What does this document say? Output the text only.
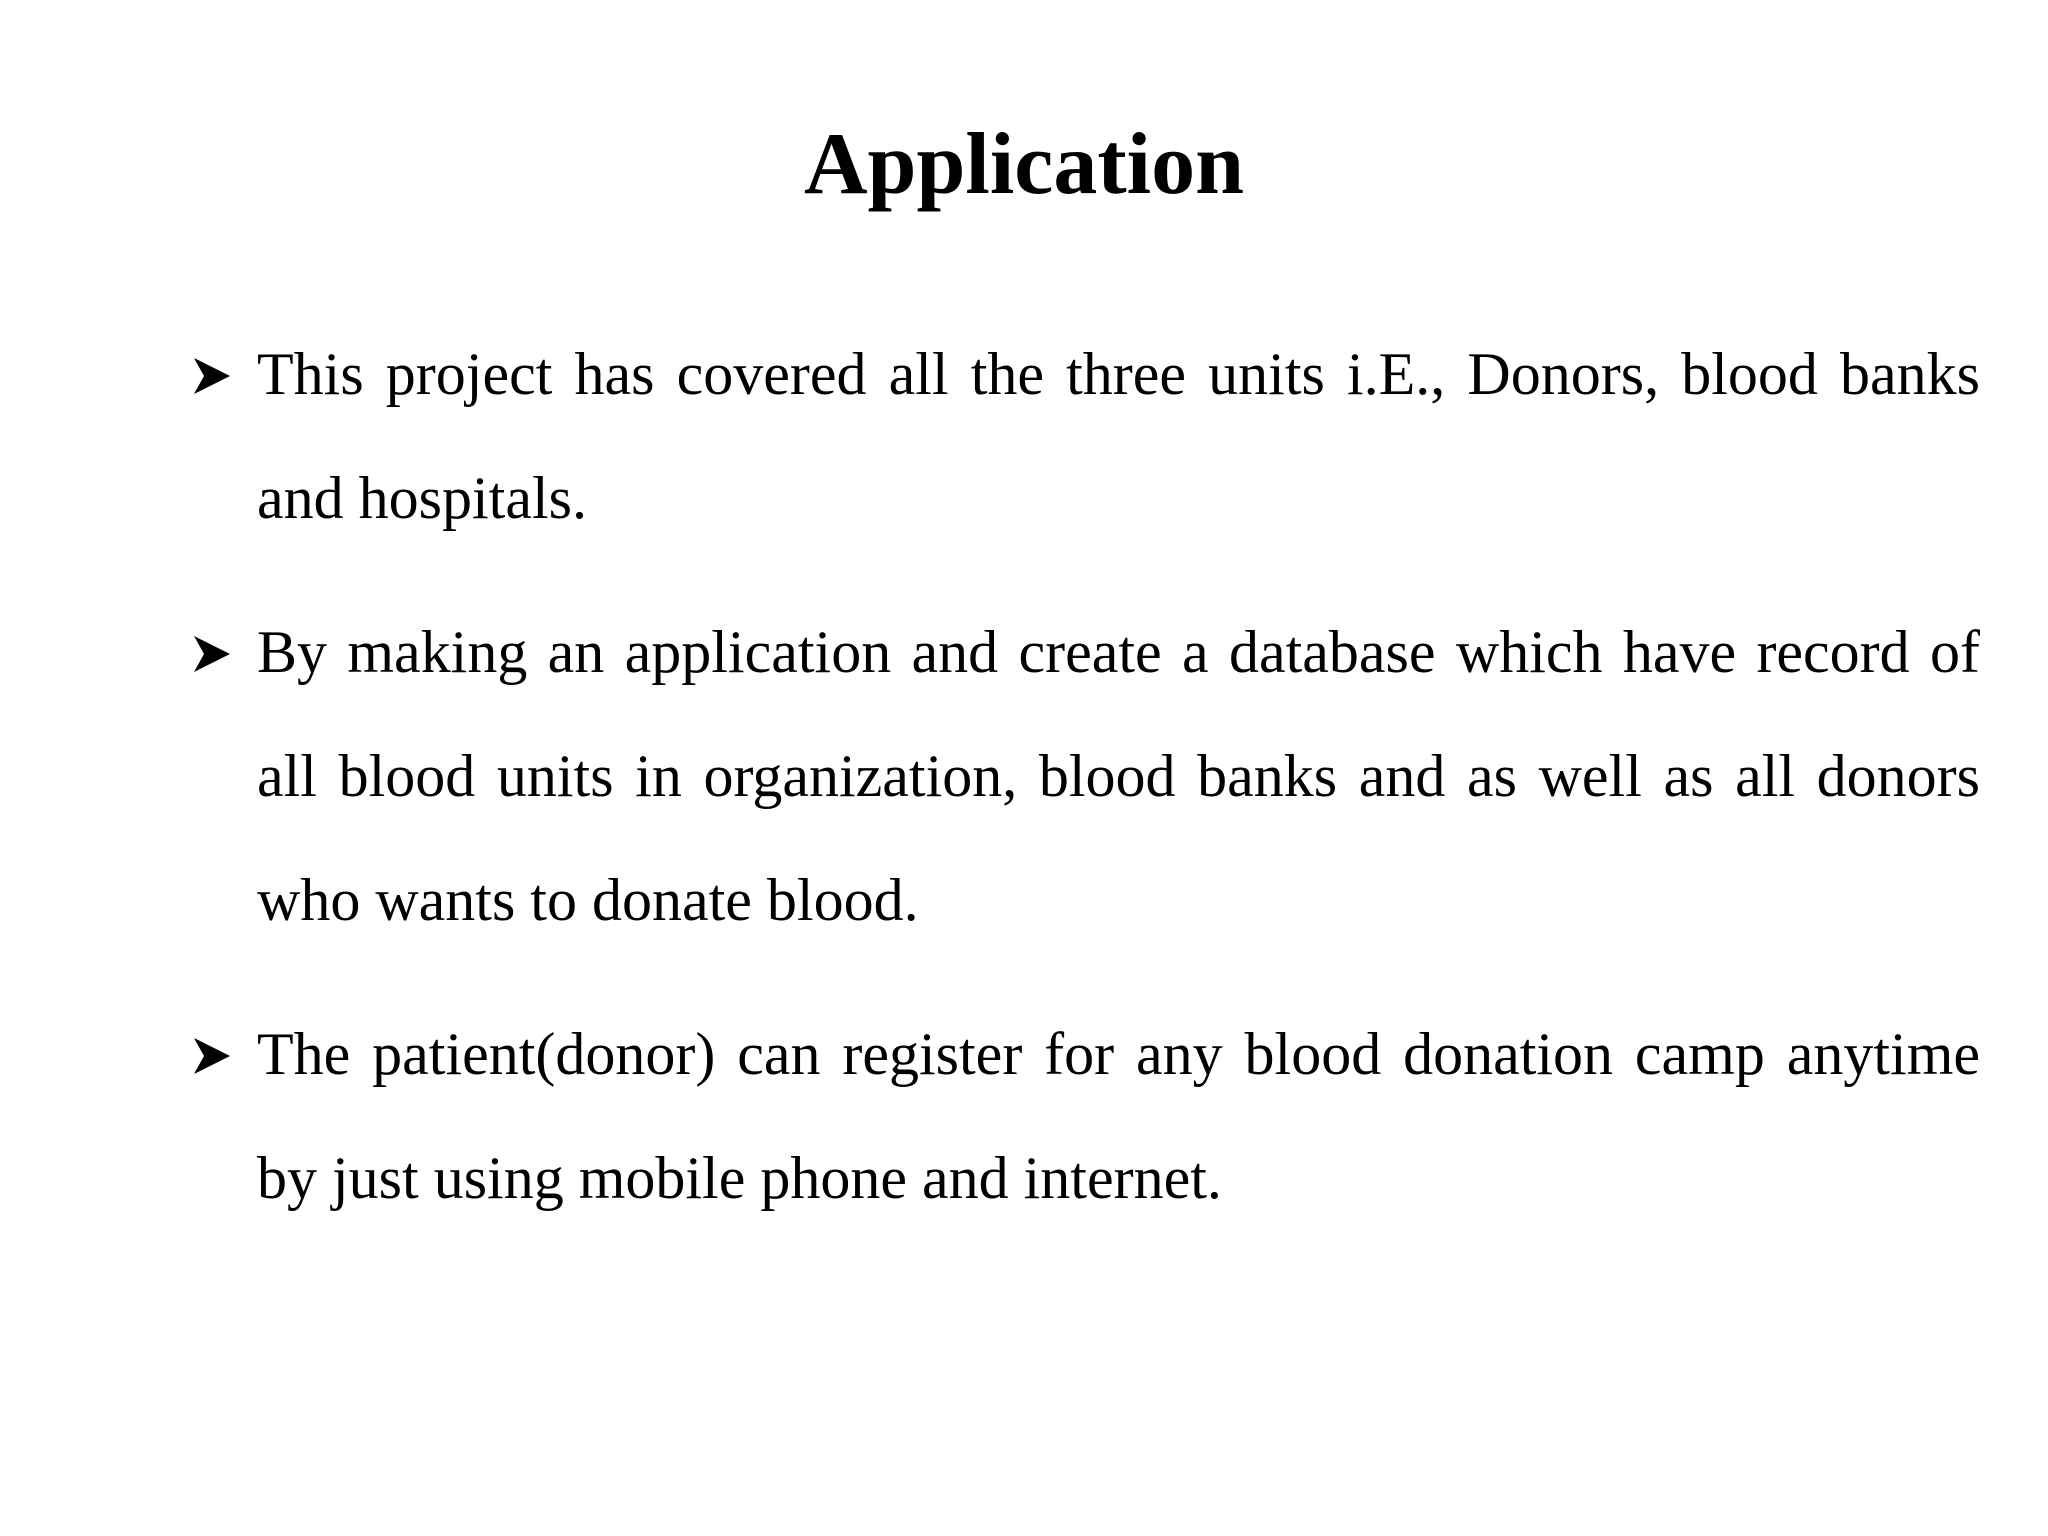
Application
This project has covered all the three units i.E., Donors, blood banks and hospitals.
By making an application and create a database which have record of all blood units in organization, blood banks and as well as all donors who wants to donate blood.
The patient(donor) can register for any blood donation camp anytime by just using mobile phone and internet.
